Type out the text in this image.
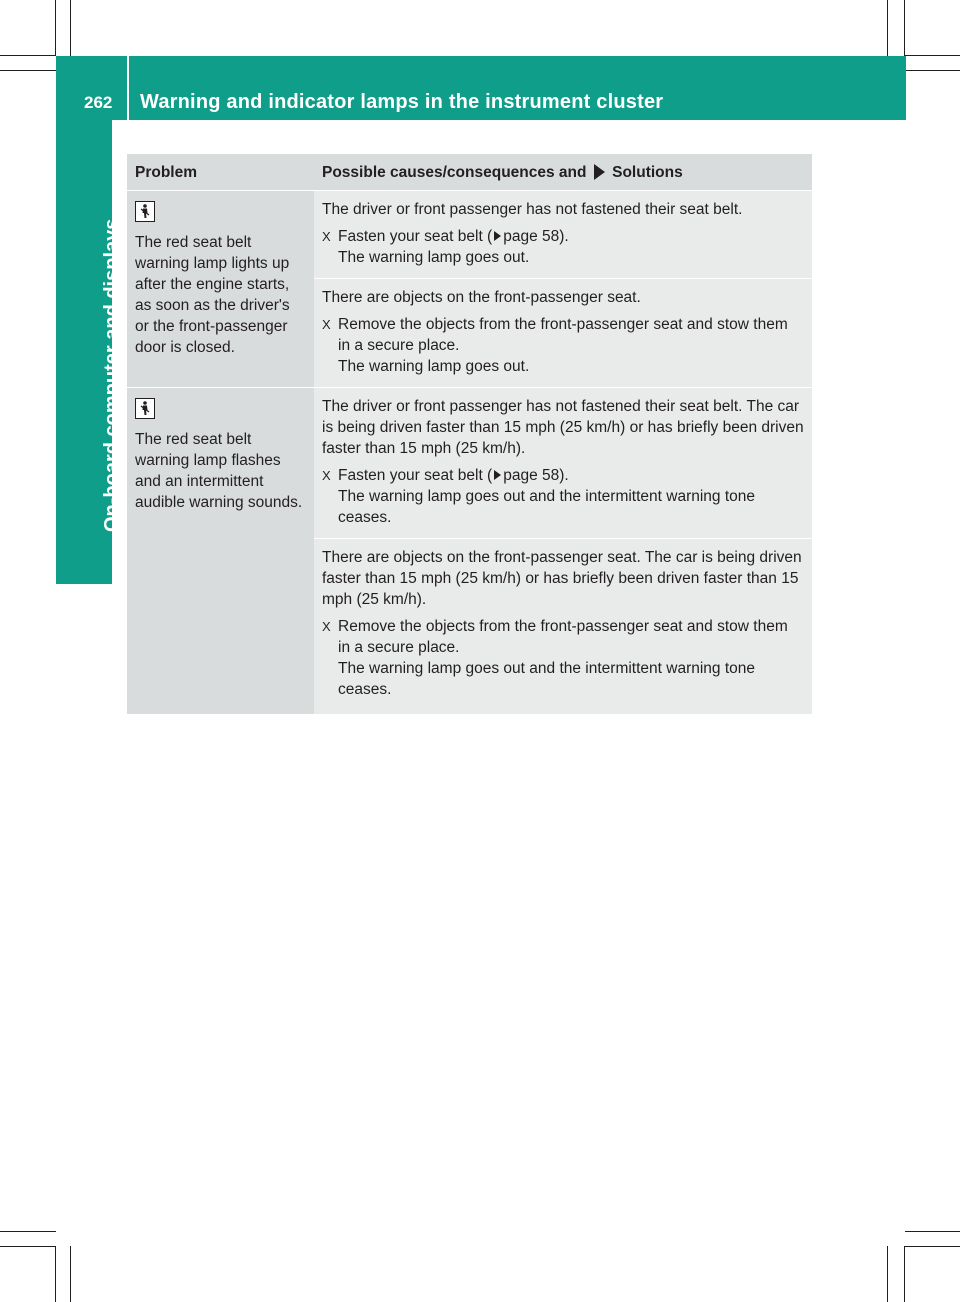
262 Warning and indicator lamps in the instrument cluster
On-board computer and displays
Problem	Possible causes/consequences and Solutions

The red seat belt warning lamp lights up after the engine starts, as soon as the driver's or the front-passenger door is closed.	The driver or front passenger has not fastened their seat belt.
X Fasten your seat belt ( page 58).
The warning lamp goes out.

	There are objects on the front-passenger seat.
X Remove the objects from the front-passenger seat and stow them in a secure place.
The warning lamp goes out.

The red seat belt warning lamp flashes and an intermittent audible warning sounds.	The driver or front passenger has not fastened their seat belt. The car is being driven faster than 15 mph (25 km/h) or has briefly been driven faster than 15 mph (25 km/h).
X Fasten your seat belt ( page 58).
The warning lamp goes out and the intermittent warning tone ceases.

	There are objects on the front-passenger seat. The car is being driven faster than 15 mph (25 km/h) or has briefly been driven faster than 15 mph (25 km/h).
X Remove the objects from the front-passenger seat and stow them in a secure place.
The warning lamp goes out and the intermittent warning tone ceases.
